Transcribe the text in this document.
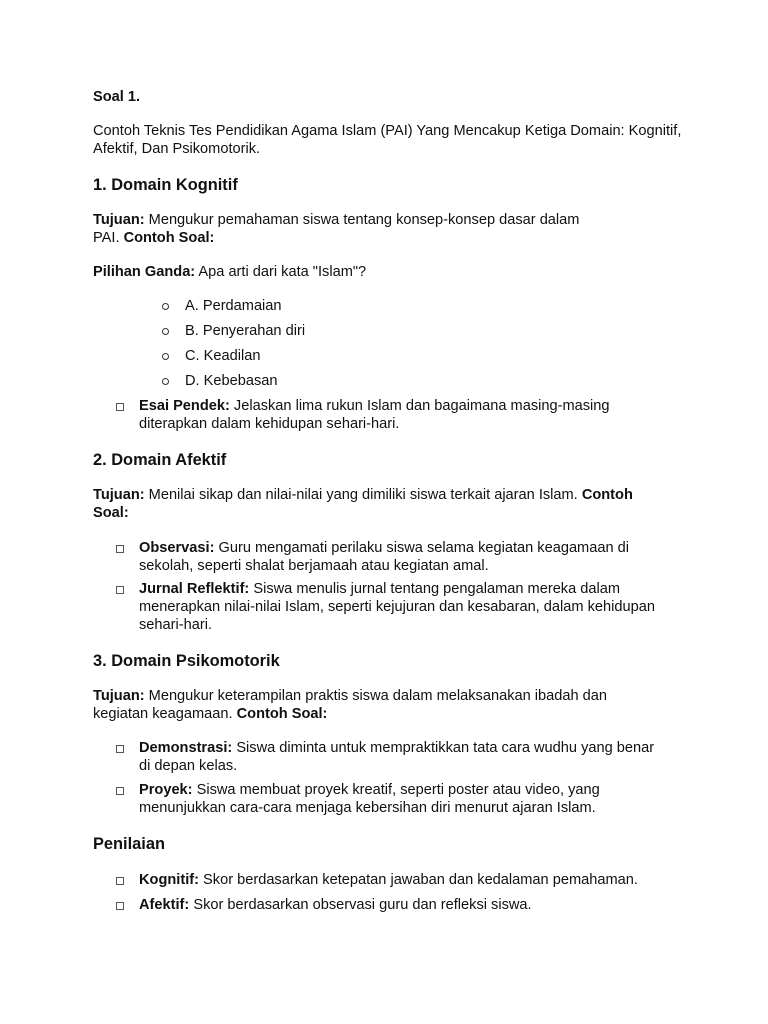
Soal 1.
Contoh Teknis Tes Pendidikan Agama Islam (PAI) Yang Mencakup Ketiga Domain: Kognitif, Afektif, Dan Psikomotorik.
1. Domain Kognitif
Tujuan: Mengukur pemahaman siswa tentang konsep-konsep dasar dalam
PAI. Contoh Soal:
Pilihan Ganda: Apa arti dari kata "Islam"?
A. Perdamaian
B. Penyerahan diri
C. Keadilan
D. Kebebasan
Esai Pendek: Jelaskan lima rukun Islam dan bagaimana masing-masing diterapkan dalam kehidupan sehari-hari.
2. Domain Afektif
Tujuan: Menilai sikap dan nilai-nilai yang dimiliki siswa terkait ajaran Islam. Contoh
Soal:
Observasi: Guru mengamati perilaku siswa selama kegiatan keagamaan di sekolah, seperti shalat berjamaah atau kegiatan amal.
Jurnal Reflektif: Siswa menulis jurnal tentang pengalaman mereka dalam menerapkan nilai-nilai Islam, seperti kejujuran dan kesabaran, dalam kehidupan sehari-hari.
3. Domain Psikomotorik
Tujuan: Mengukur keterampilan praktis siswa dalam melaksanakan ibadah dan
kegiatan keagamaan. Contoh Soal:
Demonstrasi: Siswa diminta untuk mempraktikkan tata cara wudhu yang benar di depan kelas.
Proyek: Siswa membuat proyek kreatif, seperti poster atau video, yang menunjukkan cara-cara menjaga kebersihan diri menurut ajaran Islam.
Penilaian
Kognitif: Skor berdasarkan ketepatan jawaban dan kedalaman pemahaman.
Afektif: Skor berdasarkan observasi guru dan refleksi siswa.
